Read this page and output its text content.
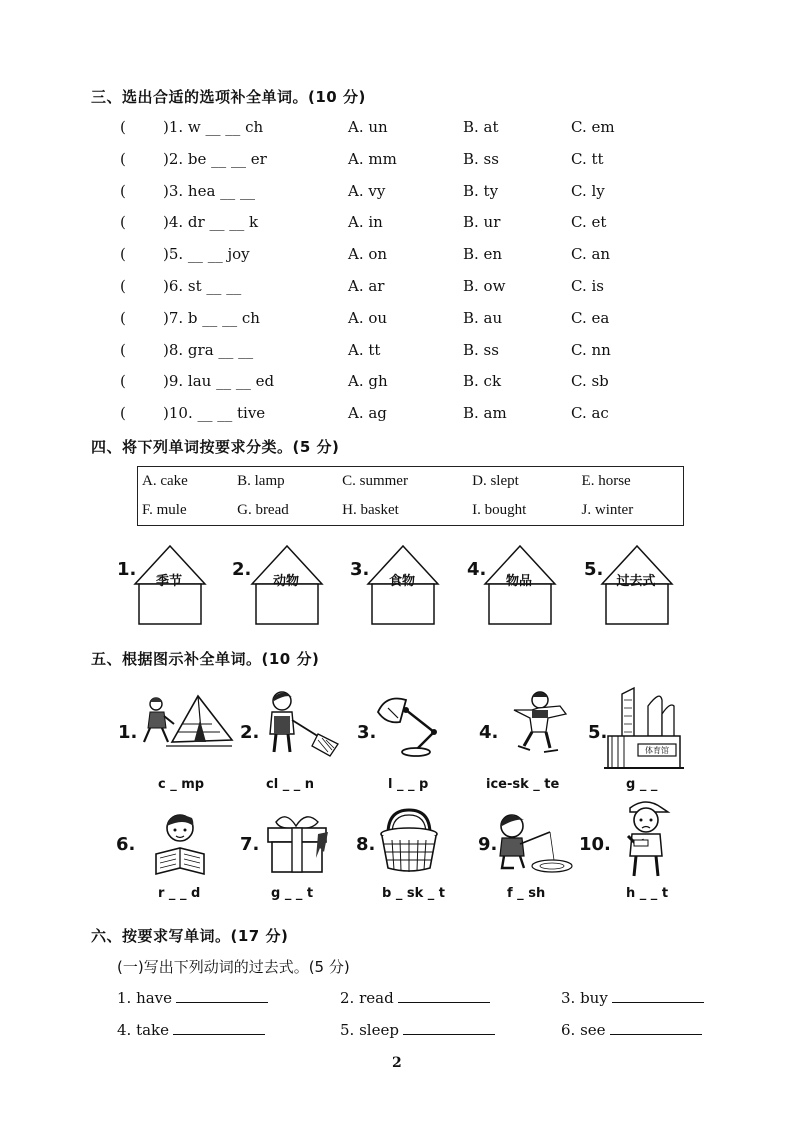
三、选出合适的选项补全单词。(10 分)
( )1. w __ __ ch	A. un	B. at	C. em
( )2. be __ __ er	A. mm	B. ss	C. tt
( )3. hea __ __	A. vy	B. ty	C. ly
( )4. dr __ __ k	A. in	B. ur	C. et
( )5. __ __ joy	A. on	B. en	C. an
( )6. st __ __	A. ar	B. ow	C. is
( )7. b __ __ ch	A. ou	B. au	C. ea
( )8. gra __ __	A. tt	B. ss	C. nn
( )9. lau __ __ ed	A. gh	B. ck	C. sb
( )10. __ __ tive	A. ag	B. am	C. ac
四、将下列单词按要求分类。(5 分)
A. cake	B. lamp	C. summer	D. slept	E. horse
F. mule	G. bread	H. basket	I. bought	J. winter
1.
季节
2.
动物
3.
食物
4.
物品
5.
过去式
五、根据图示补全单词。(10 分)
1.	2.	3.	4.	5.
c _ mp	cl _ _ n	l _ _ p	ice-sk _ te	g _ _
体育馆
6.	7.	8.	9.	10.
r _ _ d	g _ _ t	b _ sk _ t	f _ sh	h _ _ t
六、按要求写单词。(17 分)
(一)写出下列动词的过去式。(5 分)
1. have	2. read	3. buy
4. take	5. sleep	6. see
2
